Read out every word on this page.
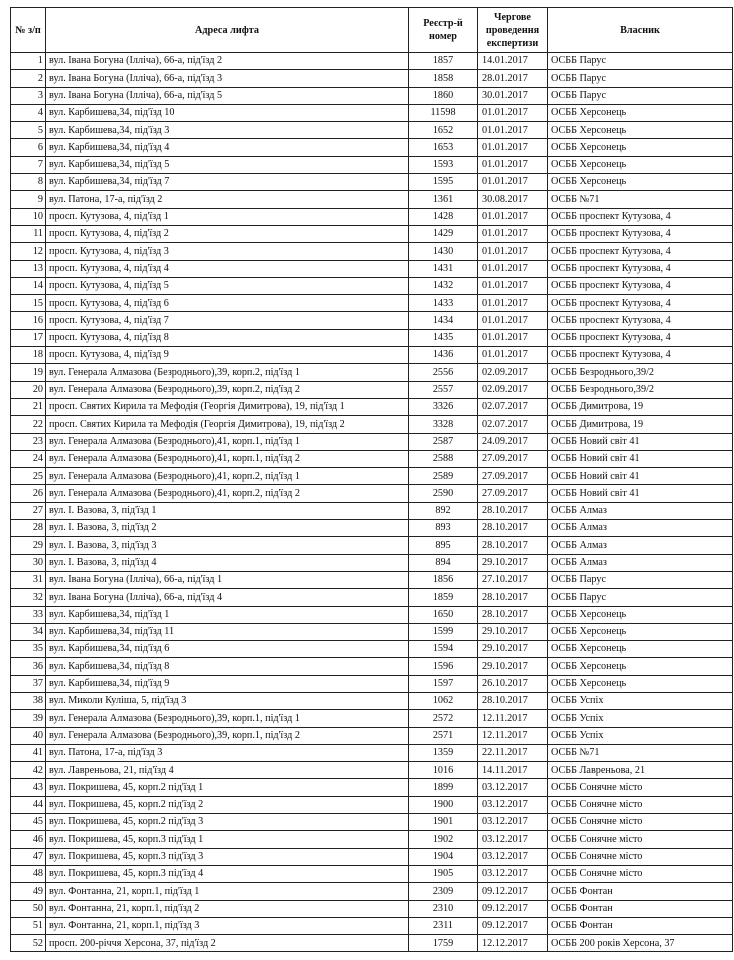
№ з/п	Адреса лифта	Реєстр-й номер	Чергове проведення експертизи	Власник
1	вул. Івана Богуна (Ілліча), 66-а, під'їзд 2	1857	14.01.2017	ОСББ Парус
2	вул. Івана Богуна (Ілліча), 66-а, під'їзд 3	1858	28.01.2017	ОСББ Парус
3	вул. Івана Богуна (Ілліча), 66-а, під'їзд 5	1860	30.01.2017	ОСББ Парус
4	вул. Карбишева,34, під'їзд 10	11598	01.01.2017	ОСББ Херсонець
5	вул. Карбишева,34, під'їзд 3	1652	01.01.2017	ОСББ Херсонець
6	вул. Карбишева,34, під'їзд 4	1653	01.01.2017	ОСББ Херсонець
7	вул. Карбишева,34, під'їзд 5	1593	01.01.2017	ОСББ Херсонець
8	вул. Карбишева,34, під'їзд 7	1595	01.01.2017	ОСББ Херсонець
9	вул. Патона, 17-а, під'їзд 2	1361	30.08.2017	ОСББ №71
10	просп. Кутузова, 4, під'їзд 1	1428	01.01.2017	ОСББ проспект Кутузова, 4
11	просп. Кутузова, 4, під'їзд 2	1429	01.01.2017	ОСББ проспект Кутузова, 4
12	просп. Кутузова, 4, під'їзд 3	1430	01.01.2017	ОСББ проспект Кутузова, 4
13	просп. Кутузова, 4, під'їзд 4	1431	01.01.2017	ОСББ проспект Кутузова, 4
14	просп. Кутузова, 4, під'їзд 5	1432	01.01.2017	ОСББ проспект Кутузова, 4
15	просп. Кутузова, 4, під'їзд 6	1433	01.01.2017	ОСББ проспект Кутузова, 4
16	просп. Кутузова, 4, під'їзд 7	1434	01.01.2017	ОСББ проспект Кутузова, 4
17	просп. Кутузова, 4, під'їзд 8	1435	01.01.2017	ОСББ проспект Кутузова, 4
18	просп. Кутузова, 4, під'їзд 9	1436	01.01.2017	ОСББ проспект Кутузова, 4
19	вул. Генерала Алмазова (Безроднього),39, корп.2, під'їзд 1	2556	02.09.2017	ОСББ Безроднього,39/2
20	вул. Генерала Алмазова (Безроднього),39, корп.2, під'їзд 2	2557	02.09.2017	ОСББ Безроднього,39/2
21	просп. Святих Кирила та Мефодія (Георгія Димитрова), 19, під'їзд 1	3326	02.07.2017	ОСББ Димитрова, 19
22	просп. Святих Кирила та Мефодія (Георгія Димитрова), 19, під'їзд 2	3328	02.07.2017	ОСББ Димитрова, 19
23	вул. Генерала Алмазова (Безроднього),41, корп.1, під'їзд 1	2587	24.09.2017	ОСББ Новий світ 41
24	вул. Генерала Алмазова (Безроднього),41, корп.1, під'їзд 2	2588	27.09.2017	ОСББ Новий світ 41
25	вул. Генерала Алмазова (Безроднього),41, корп.2, під'їзд 1	2589	27.09.2017	ОСББ Новий світ 41
26	вул. Генерала Алмазова (Безроднього),41, корп.2, під'їзд 2	2590	27.09.2017	ОСББ Новий світ 41
27	вул. І. Вазова, 3, під'їзд 1	892	28.10.2017	ОСББ Алмаз
28	вул. І. Вазова, 3, під'їзд 2	893	28.10.2017	ОСББ Алмаз
29	вул. І. Вазова, 3, під'їзд 3	895	28.10.2017	ОСББ Алмаз
30	вул. І. Вазова, 3, під'їзд 4	894	29.10.2017	ОСББ Алмаз
31	вул. Івана Богуна (Ілліча), 66-а, під'їзд 1	1856	27.10.2017	ОСББ Парус
32	вул. Івана Богуна (Ілліча), 66-а, під'їзд 4	1859	28.10.2017	ОСББ Парус
33	вул. Карбишева,34, під'їзд 1	1650	28.10.2017	ОСББ Херсонець
34	вул. Карбишева,34, під'їзд 11	1599	29.10.2017	ОСББ Херсонець
35	вул. Карбишева,34, під'їзд 6	1594	29.10.2017	ОСББ Херсонець
36	вул. Карбишева,34, під'їзд 8	1596	29.10.2017	ОСББ Херсонець
37	вул. Карбишева,34, під'їзд 9	1597	26.10.2017	ОСББ Херсонець
38	вул. Миколи Куліша, 5, під'їзд 3	1062	28.10.2017	ОСББ Успіх
39	вул. Генерала Алмазова (Безроднього),39, корп.1, під'їзд 1	2572	12.11.2017	ОСББ Успіх
40	вул. Генерала Алмазова (Безроднього),39, корп.1, під'їзд 2	2571	12.11.2017	ОСББ Успіх
41	вул. Патона, 17-а, під'їзд 3	1359	22.11.2017	ОСББ №71
42	вул. Лавреньова, 21, під'їзд 4	1016	14.11.2017	ОСББ Лавреньова, 21
43	вул. Покришева, 45, корп.2 під'їзд 1	1899	03.12.2017	ОСББ Сонячне місто
44	вул. Покришева, 45, корп.2 під'їзд 2	1900	03.12.2017	ОСББ Сонячне місто
45	вул. Покришева, 45, корп.2 під'їзд 3	1901	03.12.2017	ОСББ Сонячне місто
46	вул. Покришева, 45, корп.3 під'їзд 1	1902	03.12.2017	ОСББ Сонячне місто
47	вул. Покришева, 45, корп.3 під'їзд 3	1904	03.12.2017	ОСББ Сонячне місто
48	вул. Покришева, 45, корп.3 під'їзд 4	1905	03.12.2017	ОСББ Сонячне місто
49	вул. Фонтанна, 21, корп.1, під'їзд 1	2309	09.12.2017	ОСББ Фонтан
50	вул. Фонтанна, 21, корп.1, під'їзд 2	2310	09.12.2017	ОСББ Фонтан
51	вул. Фонтанна, 21, корп.1, під'їзд 3	2311	09.12.2017	ОСББ Фонтан
52	просп. 200-річчя Херсона, 37, під'їзд 2	1759	12.12.2017	ОСББ 200 років Херсона, 37
